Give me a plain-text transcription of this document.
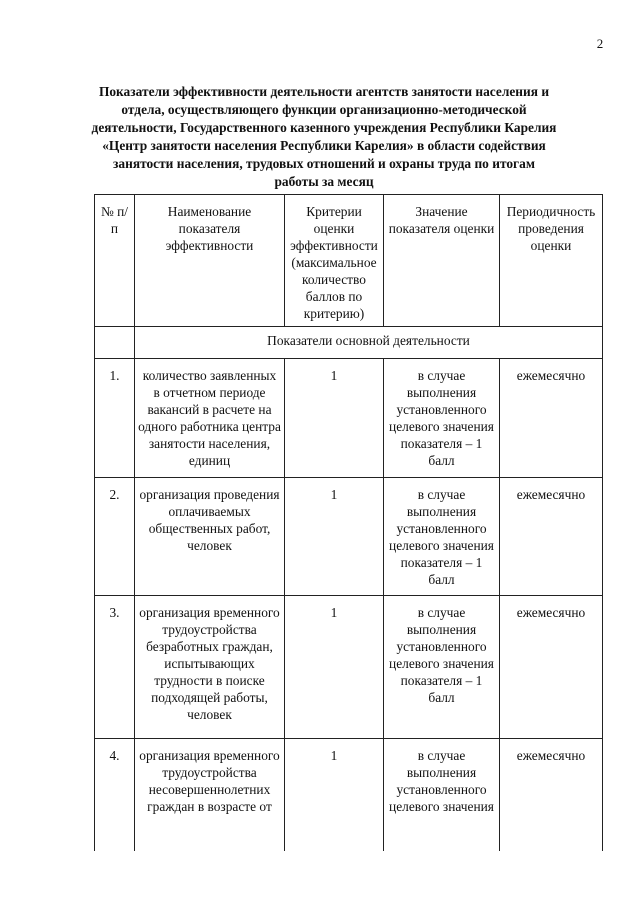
2
Показатели эффективности деятельности агентств занятости населения и отдела, осуществляющего функции организационно-методической деятельности, Государственного казенного учреждения Республики Карелия «Центр занятости населения Республики Карелия» в области содействия занятости населения, трудовых отношений и охраны труда по итогам работы за месяц
№ п/п	Наименование показателя эффективности	Критерии оценки эффективности (максимальное количество баллов по критерию)	Значение показателя оценки	Периодичность проведения оценки
	Показатели основной деятельности			
1.	количество заявленных в отчетном периоде вакансий в расчете на одного работника центра занятости населения, единиц	1	в случае выполнения установленного целевого значения показателя – 1 балл	ежемесячно
2.	организация проведения оплачиваемых общественных работ, человек	1	в случае выполнения установленного целевого значения показателя – 1 балл	ежемесячно
3.	организация временного трудоустройства безработных граждан, испытывающих трудности в поиске подходящей работы, человек	1	в случае выполнения установленного целевого значения показателя – 1 балл	ежемесячно
4.	организация временного трудоустройства несовершеннолетних граждан в возрасте от	1	в случае выполнения установленного целевого значения	ежемесячно
